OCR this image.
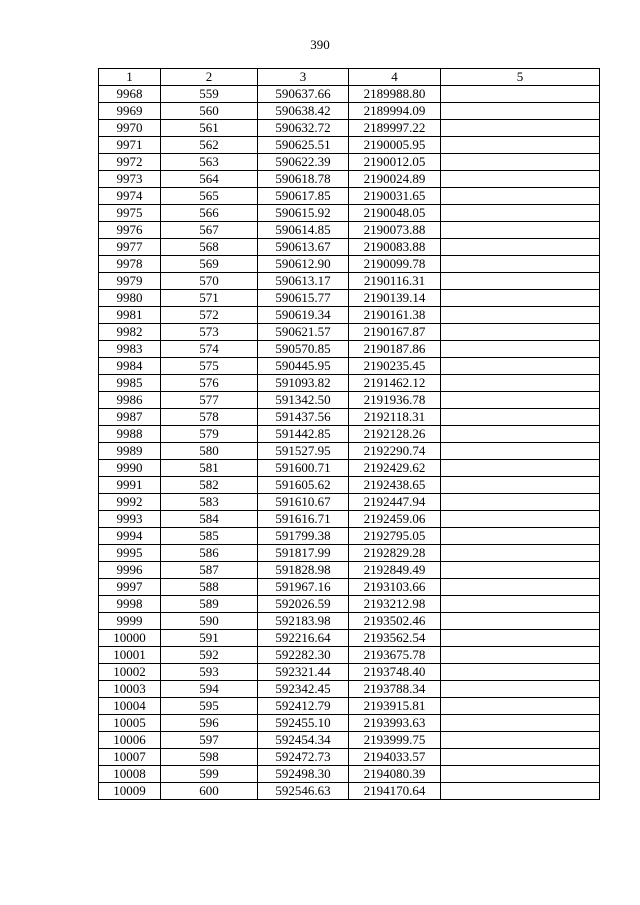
390
1	2	3	4	5
9968	559	590637.66	2189988.80	
9969	560	590638.42	2189994.09	
9970	561	590632.72	2189997.22	
9971	562	590625.51	2190005.95	
9972	563	590622.39	2190012.05	
9973	564	590618.78	2190024.89	
9974	565	590617.85	2190031.65	
9975	566	590615.92	2190048.05	
9976	567	590614.85	2190073.88	
9977	568	590613.67	2190083.88	
9978	569	590612.90	2190099.78	
9979	570	590613.17	2190116.31	
9980	571	590615.77	2190139.14	
9981	572	590619.34	2190161.38	
9982	573	590621.57	2190167.87	
9983	574	590570.85	2190187.86	
9984	575	590445.95	2190235.45	
9985	576	591093.82	2191462.12	
9986	577	591342.50	2191936.78	
9987	578	591437.56	2192118.31	
9988	579	591442.85	2192128.26	
9989	580	591527.95	2192290.74	
9990	581	591600.71	2192429.62	
9991	582	591605.62	2192438.65	
9992	583	591610.67	2192447.94	
9993	584	591616.71	2192459.06	
9994	585	591799.38	2192795.05	
9995	586	591817.99	2192829.28	
9996	587	591828.98	2192849.49	
9997	588	591967.16	2193103.66	
9998	589	592026.59	2193212.98	
9999	590	592183.98	2193502.46	
10000	591	592216.64	2193562.54	
10001	592	592282.30	2193675.78	
10002	593	592321.44	2193748.40	
10003	594	592342.45	2193788.34	
10004	595	592412.79	2193915.81	
10005	596	592455.10	2193993.63	
10006	597	592454.34	2193999.75	
10007	598	592472.73	2194033.57	
10008	599	592498.30	2194080.39	
10009	600	592546.63	2194170.64	
